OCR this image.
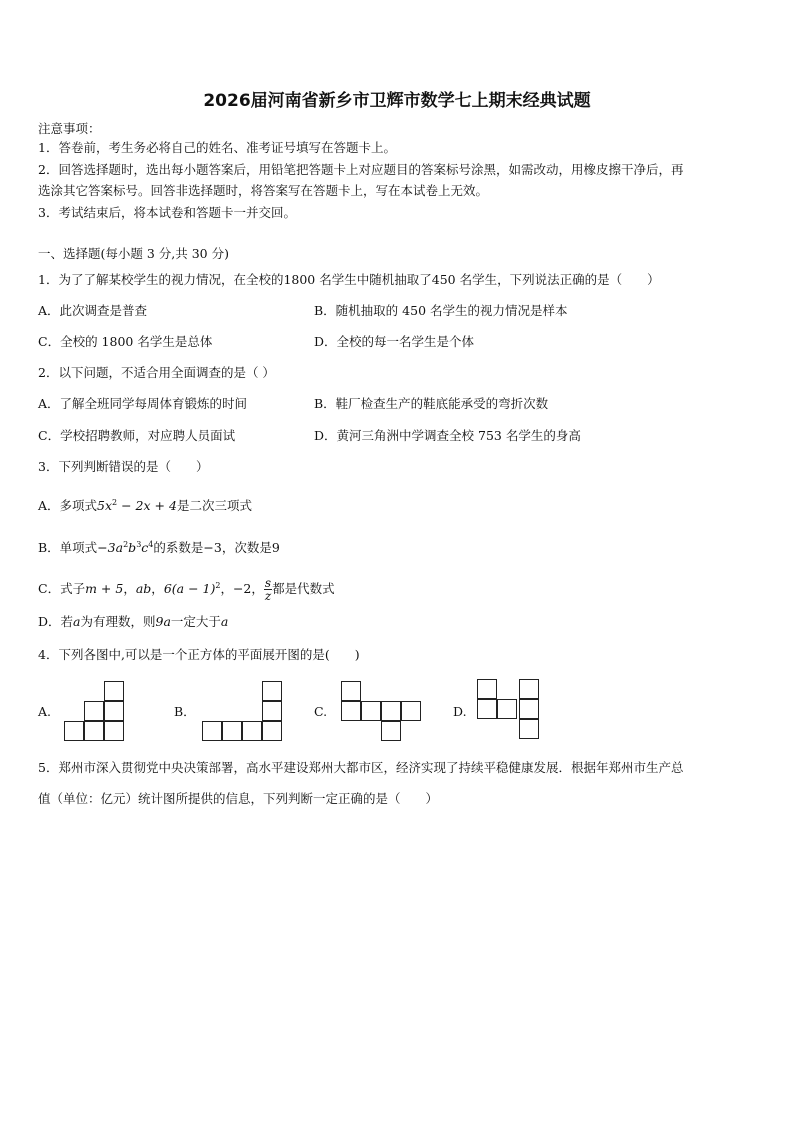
2026届河南省新乡市卫辉市数学七上期末经典试题
注意事项：
1．答卷前，考生务必将自己的姓名、准考证号填写在答题卡上。
2．回答选择题时，选出每小题答案后，用铅笔把答题卡上对应题目的答案标号涂黑，如需改动，用橡皮擦干净后，再
选涂其它答案标号。回答非选择题时，将答案写在答题卡上，写在本试卷上无效。
3．考试结束后，将本试卷和答题卡一并交回。
一、选择题(每小题 3 分,共 30 分)
1．为了了解某校学生的视力情况，在全校的1800 名学生中随机抽取了450 名学生，下列说法正确的是（　　）
A．此次调查是普查	B．随机抽取的 450 名学生的视力情况是样本
C．全校的 1800 名学生是总体	D．全校的每一名学生是个体
2．以下问题，不适合用全面调查的是（ ）
A．了解全班同学每周体育锻炼的时间	B．鞋厂检查生产的鞋底能承受的弯折次数
C．学校招聘教师，对应聘人员面试	D．黄河三角洲中学调查全校 753 名学生的身高
3．下列判断错误的是（　　）
A．多项式$5x^2 - 2x + 4$是二次三项式
B．单项式$-3a^2b^3c^4$的系数是−3，次数是9
C．式子m + 5，ab，$6(a - 1)^2$，−2， $\frac{s}{z}$ 都是代数式
D．若a为有理数，则9a一定大于a
4．下列各图中,可以是一个正方体的平面展开图的是(　　)
A.	B．	C.	D.
5．郑州市深入贯彻党中央决策部署，高水平建设郑州大都市区，经济实现了持续平稳健康发展．根据年郑州市生产总
值（单位：亿元）统计图所提供的信息，下列判断一定正确的是（　　）
